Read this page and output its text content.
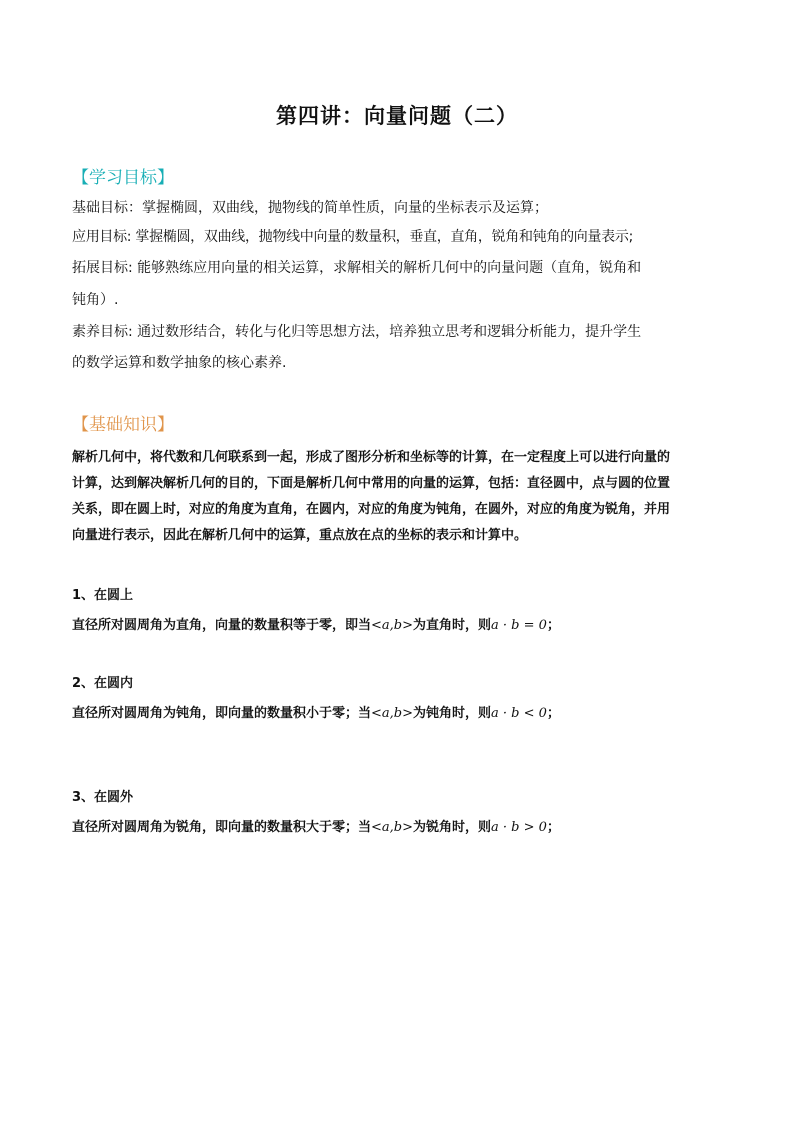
第四讲：向量问题（二）
【学习目标】
基础目标：掌握椭圆，双曲线，抛物线的简单性质，向量的坐标表示及运算；
应用目标: 掌握椭圆，双曲线，抛物线中向量的数量积，垂直，直角，锐角和钝角的向量表示;
拓展目标: 能够熟练应用向量的相关运算，求解相关的解析几何中的向量问题（直角，锐角和
钝角）.
素养目标: 通过数形结合，转化与化归等思想方法，培养独立思考和逻辑分析能力，提升学生
的数学运算和数学抽象的核心素养.
【基础知识】
解析几何中，将代数和几何联系到一起，形成了图形分析和坐标等的计算，在一定程度上可以进行向量的
计算，达到解决解析几何的目的，下面是解析几何中常用的向量的运算，包括：直径圆中，点与圆的位置
关系，即在圆上时，对应的角度为直角，在圆内，对应的角度为钝角，在圆外，对应的角度为锐角，并用
向量进行表示，因此在解析几何中的运算，重点放在点的坐标的表示和计算中。
1、在圆上
直径所对圆周角为直角，向量的数量积等于零，即当<a,b>为直角时，则a · b = 0；
2、在圆内
直径所对圆周角为钝角，即向量的数量积小于零；当<a,b>为钝角时，则a · b < 0；
3、在圆外
直径所对圆周角为锐角，即向量的数量积大于零；当<a,b>为锐角时，则a · b > 0；
